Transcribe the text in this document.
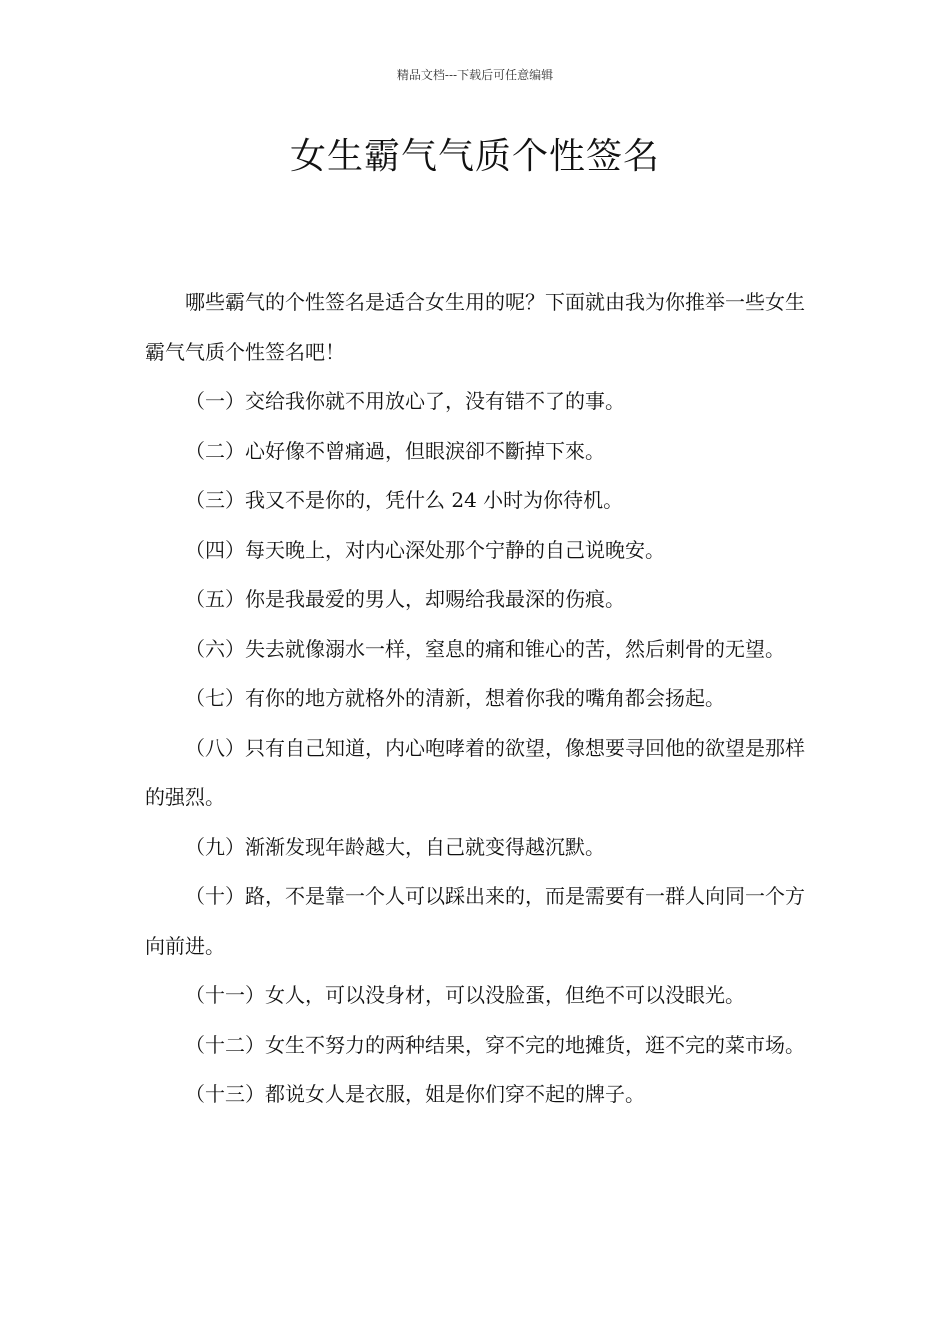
精品文档---下载后可任意编辑
女生霸气气质个性签名

哪些霸气的个性签名是适合女生用的呢？下面就由我为你推举一些女生霸气气质个性签名吧！

（一）交给我你就不用放心了，没有错不了的事。

（二）心好像不曾痛過，但眼淚卻不斷掉下來。

（三）我又不是你的，凭什么 24 小时为你待机。

（四）每天晚上，对内心深处那个宁静的自己说晚安。

（五）你是我最爱的男人，却赐给我最深的伤痕。

（六）失去就像溺水一样，窒息的痛和锥心的苦，然后刺骨的无望。

（七）有你的地方就格外的清新，想着你我的嘴角都会扬起。

（八）只有自己知道，内心咆哮着的欲望，像想要寻回他的欲望是那样的强烈。

（九）渐渐发现年龄越大，自己就变得越沉默。

（十）路，不是靠一个人可以踩出来的，而是需要有一群人向同一个方向前进。

（十一）女人，可以没身材，可以没脸蛋，但绝不可以没眼光。

（十二）女生不努力的两种结果，穿不完的地摊货，逛不完的菜市场。

（十三）都说女人是衣服，姐是你们穿不起的牌子。
